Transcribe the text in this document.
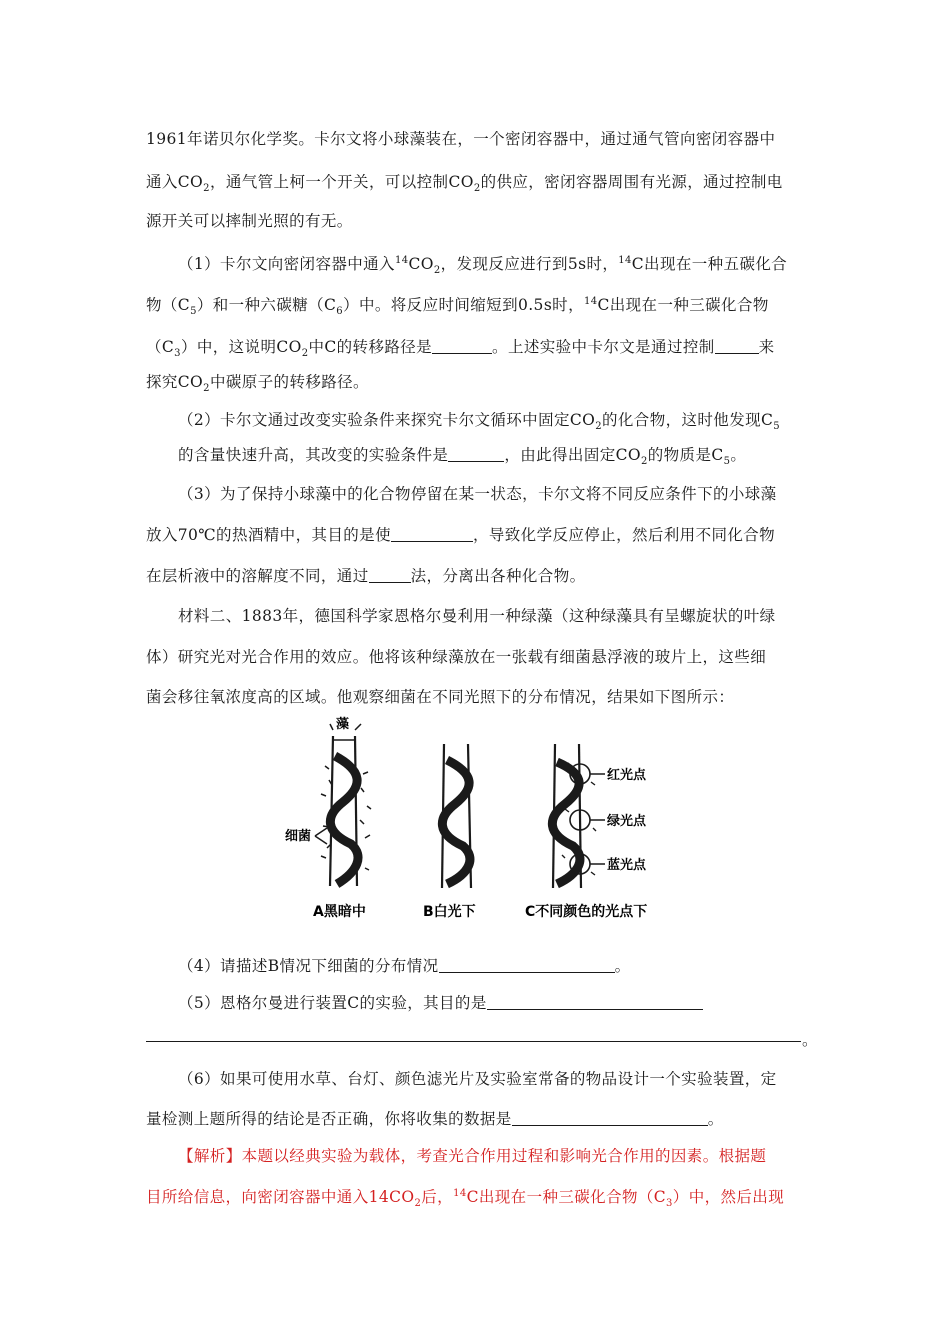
1961年诺贝尔化学奖。卡尔文将小球藻装在，一个密闭容器中，通过通气管向密闭容器中
通入$CO_2$，通气管上柯一个开关，可以控制$CO_2$的供应，密闭容器周围有光源，通过控制电
源开关可以摔制光照的有无。
（1）卡尔文向密闭容器中通入$^{14}CO_2$，发现反应进行到5s时，$^{14}$C出现在一种五碳化合
物$(C_5)$和一种六碳糖$(C_6)$中。将反应时间缩短到0.5s时，$^{14}$C出现在一种三碳化合物
$(C_3)$中，这说明$CO_2$中C的转移路径是	。上述实验中卡尔文是通过控制	来
探究$CO_2$中碳原子的转移路径。
（2）卡尔文通过改变实验条件来探究卡尔文循环中固定$CO_2$的化合物，这时他发现$C_5$
的含量快速升高，其改变的实验条件是	，由此得出固定$CO_2$的物质是$C_5$。
（3）为了保持小球藻中的化合物停留在某一状态，卡尔文将不同反应条件下的小球藻
放入70℃的热酒精中，其目的是使	，导致化学反应停止，然后利用不同化合物
在层析液中的溶解度不同，通过	法，分离出各种化合物。
材料二、1883年，德国科学家恩格尔曼利用一种绿藻（这种绿藻具有呈螺旋状的叶绿
体）研究光对光合作用的效应。他将该种绿藻放在一张载有细菌悬浮液的玻片上，这些细
菌会移往氧浓度高的区域。他观察细菌在不同光照下的分布情况，结果如下图所示：
藻
细菌
红光点
绿光点
蓝光点
A黑暗中	B白光下	C不同颜色的光点下
（4）请描述B情况下细菌的分布情况	。
（5）恩格尔曼进行装置C的实验，其目的是
。
（6）如果可使用水草、台灯、颜色滤光片及实验室常备的物品设计一个实验装置，定
量检测上题所得的结论是否正确，你将收集的数据是	。
【解析】本题以经典实验为载体，考查光合作用过程和影响光合作用的因素。根据题
目所给信息，向密闭容器中通入$14CO_2$后，$^{14}$C出现在一种三碳化合物$(C_3)$中，然后出现
